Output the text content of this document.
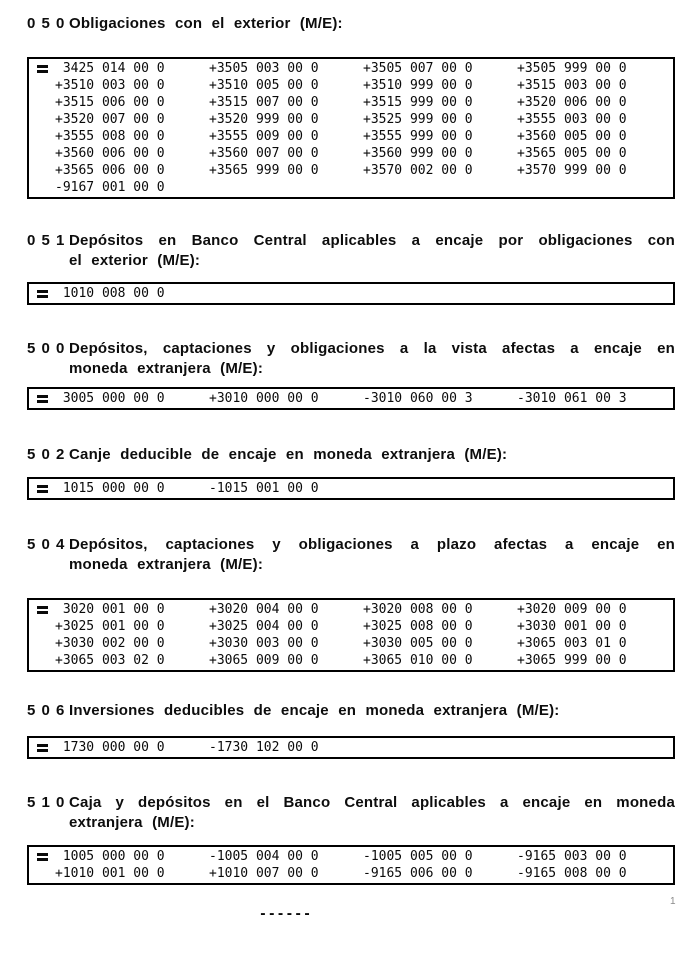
0 5 0 Obligaciones con el exterior (M/E):
3425 014 00 0	+3505 003 00 0	+3505 007 00 0	+3505 999 00 0
+3510 003 00 0	+3510 005 00 0	+3510 999 00 0	+3515 003 00 0
+3515 006 00 0	+3515 007 00 0	+3515 999 00 0	+3520 006 00 0
+3520 007 00 0	+3520 999 00 0	+3525 999 00 0	+3555 003 00 0
+3555 008 00 0	+3555 009 00 0	+3555 999 00 0	+3560 005 00 0
+3560 006 00 0	+3560 007 00 0	+3560 999 00 0	+3565 005 00 0
+3565 006 00 0	+3565 999 00 0	+3570 002 00 0	+3570 999 00 0
-9167 001 00 0
0 5 1 Depósitos en Banco Central aplicables a encaje por obligaciones con
el exterior (M/E):
1010 008 00 0
5 0 0 Depósitos, captaciones y obligaciones a la vista afectas a encaje en
moneda extranjera (M/E):
3005 000 00 0	+3010 000 00 0	-3010 060 00 3	-3010 061 00 3
5 0 2 Canje deducible de encaje en moneda extranjera (M/E):
1015 000 00 0	-1015 001 00 0
5 0 4 Depósitos, captaciones y obligaciones a plazo afectas a encaje en
moneda extranjera (M/E):
3020 001 00 0	+3020 004 00 0	+3020 008 00 0	+3020 009 00 0
+3025 001 00 0	+3025 004 00 0	+3025 008 00 0	+3030 001 00 0
+3030 002 00 0	+3030 003 00 0	+3030 005 00 0	+3065 003 01 0
+3065 003 02 0	+3065 009 00 0	+3065 010 00 0	+3065 999 00 0
5 0 6 Inversiones deducibles de encaje en moneda extranjera (M/E):
1730 000 00 0	-1730 102 00 0
5 1 0 Caja y depósitos en el Banco Central aplicables a encaje en moneda
extranjera (M/E):
1005 000 00 0	-1005 004 00 0	-1005 005 00 0	-9165 003 00 0
+1010 001 00 0	+1010 007 00 0	-9165 006 00 0	-9165 008 00 0
------
1
